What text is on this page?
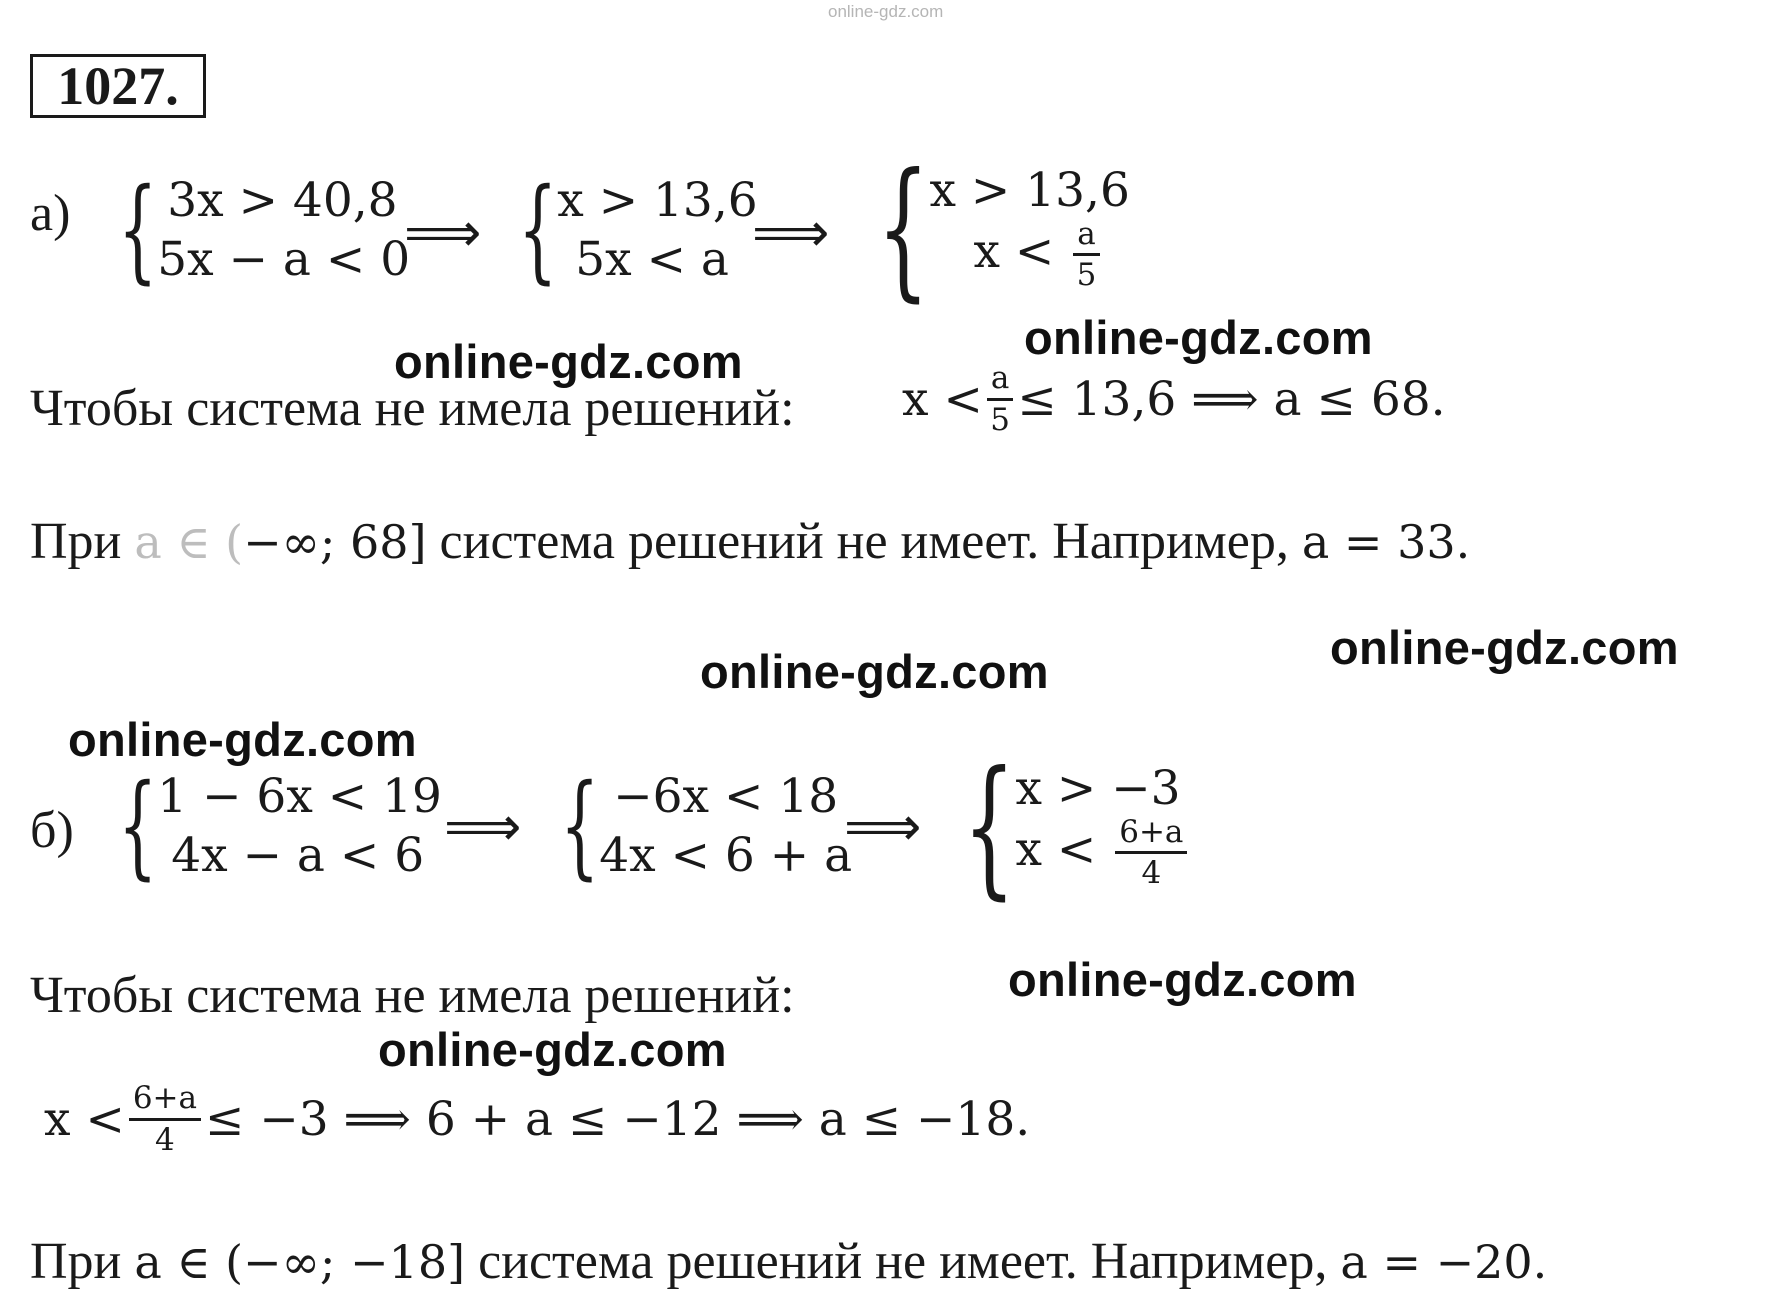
online-gdz.com
1027.
а) { 3x > 40,8
5x − a < 0
⟹ { x > 13,6
5x < a ⟹ { x > 13,6
$x < \frac{a}{5}$
Чтобы система не имела решений: $x < \frac{a}{5} \le 13,6$ ⟹ a ≤ 68.
При a ∈ (−∞; 68] система решений не имеет. Например, a = 33.
б) { 1 − 6x < 19
4x − a < 6 ⟹ { −6x < 18
4x < 6 + a
⟹ { x > −3
$x < \frac{6+a}{4}$
Чтобы система не имела решений:
$x < \frac{6+a}{4} \le -3$ ⟹ 6 + a ≤ −12 ⟹ a ≤ −18.
При a ∈ (−∞; −18] система решений не имеет. Например, a = −20.
online-gdz.com	online-gdz.com
online-gdz.com	online-gdz.com
online-gdz.com
online-gdz.com
online-gdz.com
